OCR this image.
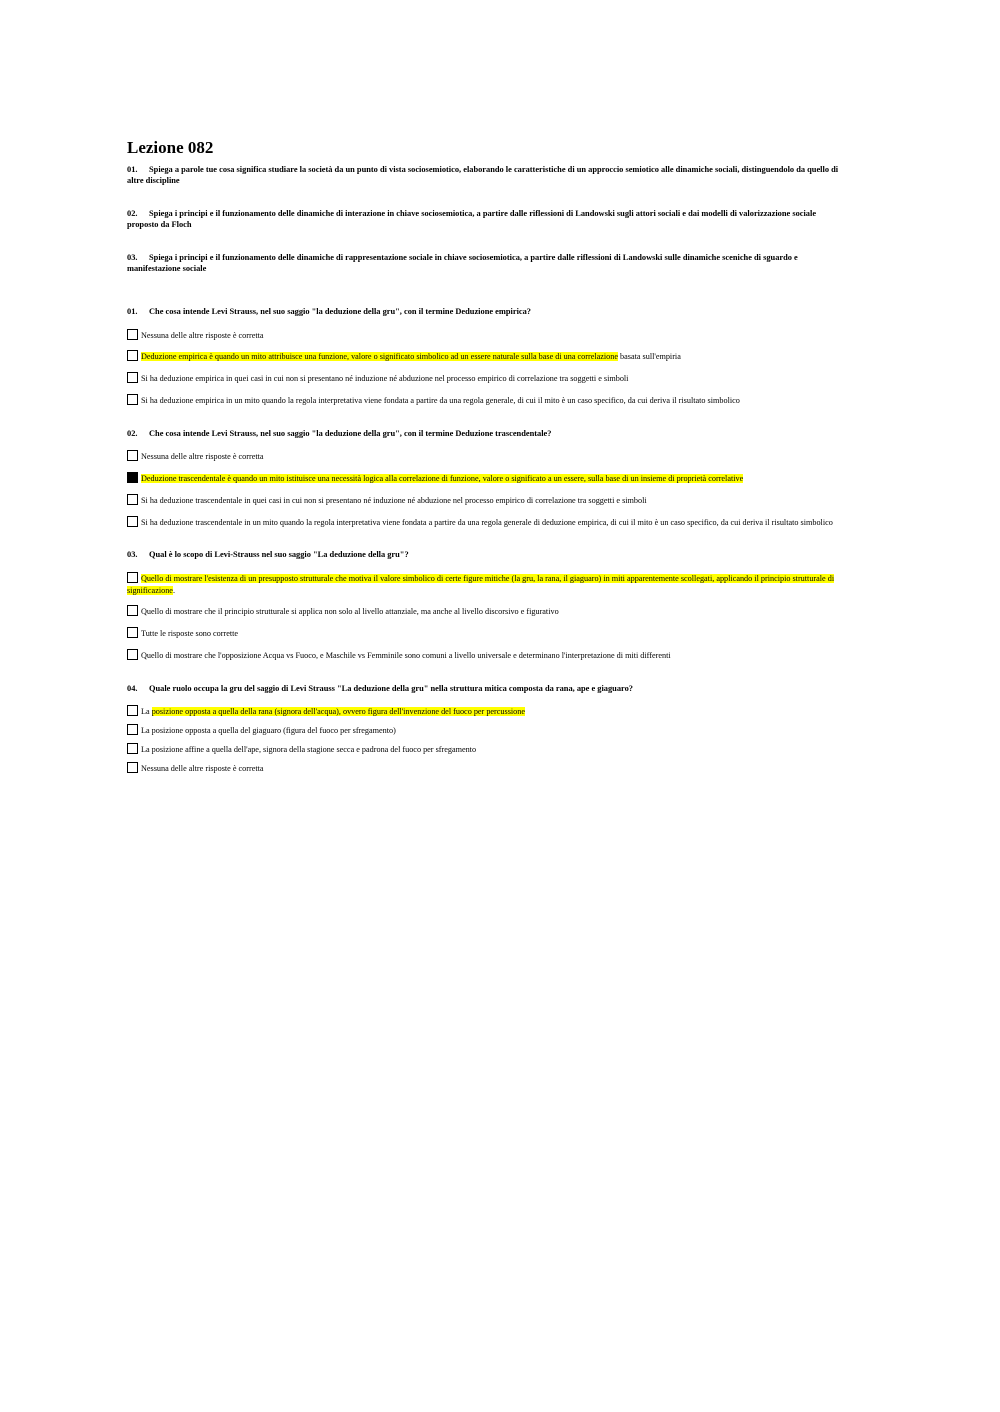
Lezione 082
01. Spiega a parole tue cosa significa studiare la società da un punto di vista sociosemiotico, elaborando le caratteristiche di un approccio semiotico alle dinamiche sociali, distinguendolo da quello di altre discipline
02. Spiega i principi e il funzionamento delle dinamiche di interazione in chiave sociosemiotica, a partire dalle riflessioni di Landowski sugli attori sociali e dai modelli di valorizzazione sociale proposto da Floch
03. Spiega i principi e il funzionamento delle dinamiche di rappresentazione sociale in chiave sociosemiotica, a partire dalle riflessioni di Landowski sulle dinamiche sceniche di sguardo e manifestazione sociale
01. Che cosa intende Levi Strauss, nel suo saggio "la deduzione della gru", con il termine Deduzione empirica?
Nessuna delle altre risposte è corretta
Deduzione empirica è quando un mito attribuisce una funzione, valore o significato simbolico ad un essere naturale sulla base di una correlazione basata sull'empiria
Si ha deduzione empirica in quei casi in cui non si presentano né induzione né abduzione nel processo empirico di correlazione tra soggetti e simboli
Si ha deduzione empirica in un mito quando la regola interpretativa viene fondata a partire da una regola generale, di cui il mito è un caso specifico, da cui deriva il risultato simbolico
02. Che cosa intende Levi Strauss, nel suo saggio "la deduzione della gru", con il termine Deduzione trascendentale?
Nessuna delle altre risposte è corretta
Deduzione trascendentale è quando un mito istituisce una necessità logica alla correlazione di funzione, valore o significato a un essere, sulla base di un insieme di proprietà correlative
Si ha deduzione trascendentale in quei casi in cui non si presentano né induzione né abduzione nel processo empirico di correlazione tra soggetti e simboli
Si ha deduzione trascendentale in un mito quando la regola interpretativa viene fondata a partire da una regola generale di deduzione empirica, di cui il mito è un caso specifico, da cui deriva il risultato simbolico
03. Qual è lo scopo di Levi-Strauss nel suo saggio "La deduzione della gru"?
Quello di mostrare l'esistenza di un presupposto strutturale che motiva il valore simbolico di certe figure mitiche (la gru, la rana, il giaguaro) in miti apparentemente scollegati, applicando il principio strutturale di significazione.
Quello di mostrare che il principio strutturale si applica non solo al livello attanziale, ma anche al livello discorsivo e figurativo
Tutte le risposte sono corrette
Quello di mostrare che l'opposizione Acqua vs Fuoco, e Maschile vs Femminile sono comuni a livello universale e determinano l'interpretazione di miti differenti
04. Quale ruolo occupa la gru del saggio di Levi Strauss "La deduzione della gru" nella struttura mitica composta da rana, ape e giaguaro?
La posizione opposta a quella della rana (signora dell'acqua), ovvero figura dell'invenzione del fuoco per percussione
La posizione opposta a quella del giaguaro (figura del fuoco per sfregamento)
La posizione affine a quella dell'ape, signora della stagione secca e padrona del fuoco per sfregamento
Nessuna delle altre risposte è corretta
